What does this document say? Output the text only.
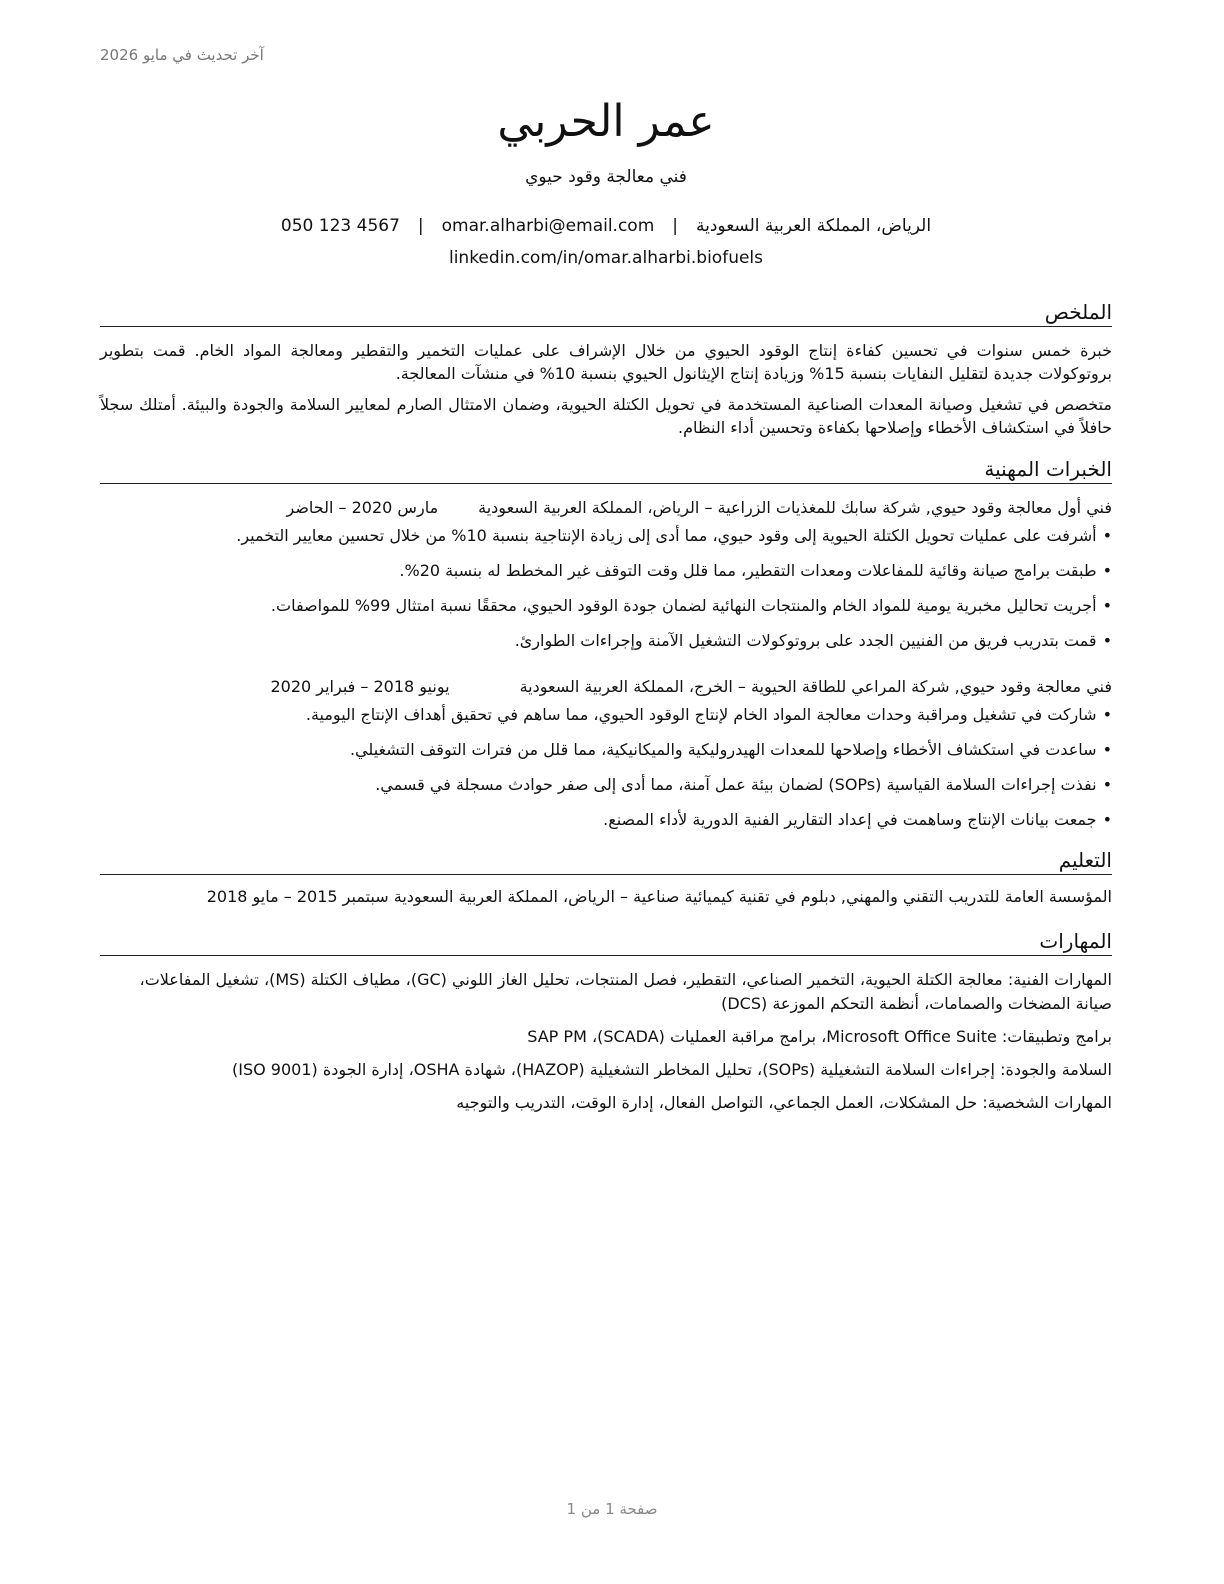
آخر تحديث في مايو 2026
عمر الحربي
فني معالجة وقود حيوي
الرياض، المملكة العربية السعودية|omar.alharbi@email.com|050 123 4567
linkedin.com/in/omar.alharbi.biofuels
الملخص

خبرة خمس سنوات في تحسين كفاءة إنتاج الوقود الحيوي من خلال الإشراف على عمليات التخمير والتقطير ومعالجة المواد الخام. قمت بتطوير بروتوكولات جديدة لتقليل النفايات بنسبة 15% وزيادة إنتاج الإيثانول الحيوي بنسبة 10% في منشآت المعالجة.

متخصص في تشغيل وصيانة المعدات الصناعية المستخدمة في تحويل الكتلة الحيوية، وضمان الامتثال الصارم لمعايير السلامة والجودة والبيئة. أمتلك سجلاً حافلاً في استكشاف الأخطاء وإصلاحها بكفاءة وتحسين أداء النظام.

الخبرات المهنية
فني أول معالجة وقود حيوي, شركة سابك للمغذيات الزراعية – الرياض، المملكة العربية السعودية
مارس 2020 – الحاضر
•أشرفت على عمليات تحويل الكتلة الحيوية إلى وقود حيوي، مما أدى إلى زيادة الإنتاجية بنسبة 10% من خلال تحسين معايير التخمير.
•طبقت برامج صيانة وقائية للمفاعلات ومعدات التقطير، مما قلل وقت التوقف غير المخطط له بنسبة 20%.
•أجريت تحاليل مخبرية يومية للمواد الخام والمنتجات النهائية لضمان جودة الوقود الحيوي، محققًا نسبة امتثال 99% للمواصفات.
•قمت بتدريب فريق من الفنيين الجدد على بروتوكولات التشغيل الآمنة وإجراءات الطوارئ.
فني معالجة وقود حيوي, شركة المراعي للطاقة الحيوية – الخرج، المملكة العربية السعودية
يونيو 2018 – فبراير 2020
•شاركت في تشغيل ومراقبة وحدات معالجة المواد الخام لإنتاج الوقود الحيوي، مما ساهم في تحقيق أهداف الإنتاج اليومية.
•ساعدت في استكشاف الأخطاء وإصلاحها للمعدات الهيدروليكية والميكانيكية، مما قلل من فترات التوقف التشغيلي.
•نفذت إجراءات السلامة القياسية (SOPs) لضمان بيئة عمل آمنة، مما أدى إلى صفر حوادث مسجلة في قسمي.
•جمعت بيانات الإنتاج وساهمت في إعداد التقارير الفنية الدورية لأداء المصنع.
التعليم
المؤسسة العامة للتدريب التقني والمهني, دبلوم في تقنية كيميائية صناعية – الرياض، المملكة العربية السعودية سبتمبر 2015 – مايو 2018
المهارات
المهارات الفنية: معالجة الكتلة الحيوية، التخمير الصناعي، التقطير، فصل المنتجات، تحليل الغاز اللوني (GC)، مطياف الكتلة (MS)، تشغيل المفاعلات، صيانة المضخات والصمامات، أنظمة التحكم الموزعة (DCS)
برامج وتطبيقات: Microsoft Office Suite، برامج مراقبة العمليات (SCADA)، SAP PM
السلامة والجودة: إجراءات السلامة التشغيلية (SOPs)، تحليل المخاطر التشغيلية (HAZOP)، شهادة OSHA، إدارة الجودة (ISO 9001)
المهارات الشخصية: حل المشكلات، العمل الجماعي، التواصل الفعال، إدارة الوقت، التدريب والتوجيه
صفحة 1 من 1
